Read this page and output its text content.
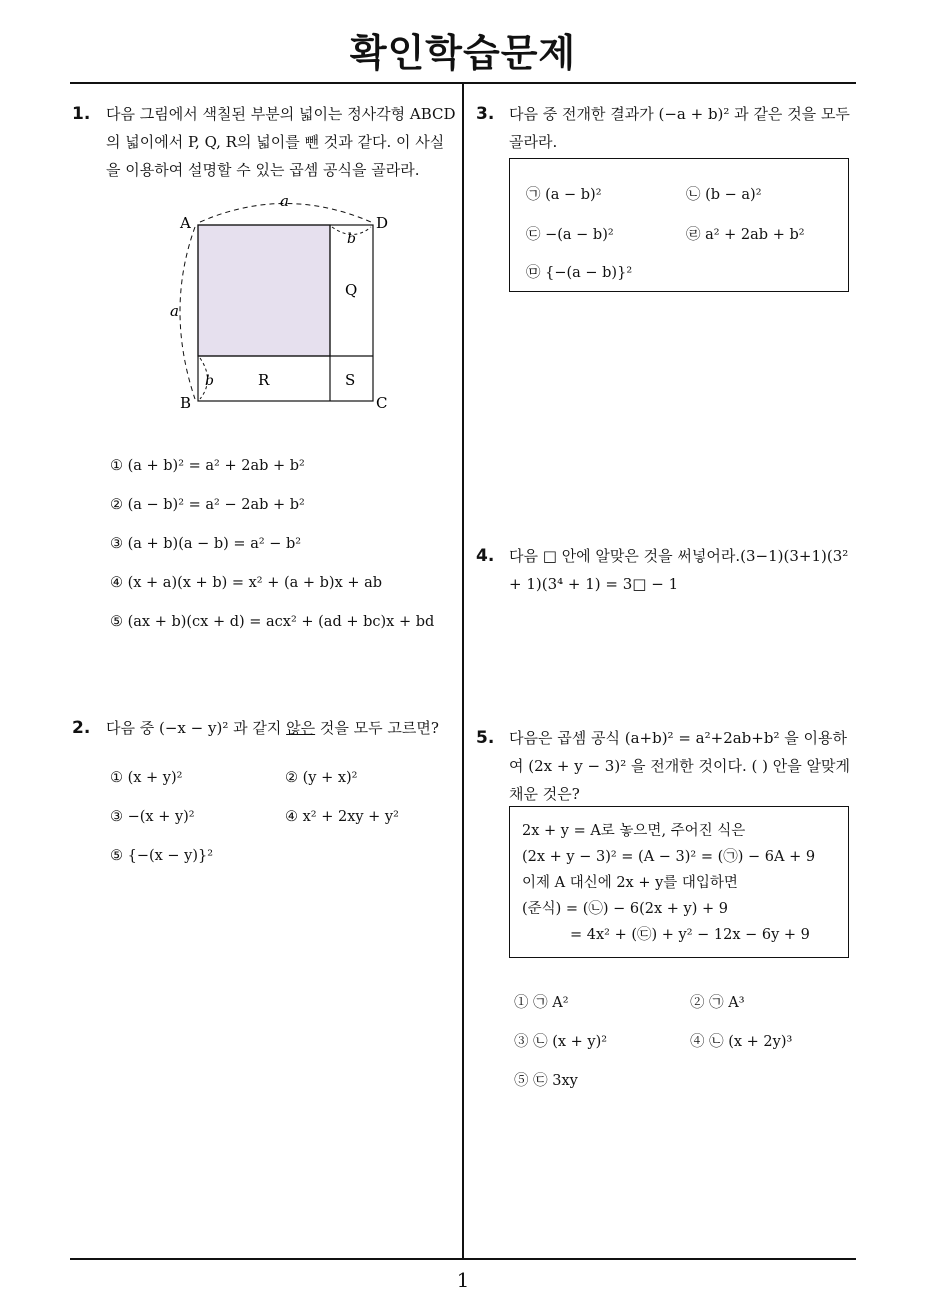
확인학습문제
1
1. 다음 그림에서 색칠된 부분의 넓이는 정사각형 ABCD의 넓이에서 P, Q, R의 넓이를 뺀 것과 같다. 이 사실을 이용하여 설명할 수 있는 곱셈 공식을 골라라.
A	D
B	C
Q
R	S
a
a
b
b
① (a + b)² = a² + 2ab + b²
② (a − b)² = a² − 2ab + b²
③ (a + b)(a − b) = a² − b²
④ (x + a)(x + b) = x² + (a + b)x + ab
⑤ (ax + b)(cx + d) = acx² + (ad + bc)x + bd
2. 다음 중 (−x − y)² 과 같지 않은 것을 모두 고르면?
① (x + y)²	② (y + x)²
③ −(x + y)²	④ x² + 2xy + y²
⑤ {−(x − y)}²
3. 다음 중 전개한 결과가 (−a + b)² 과 같은 것을 모두 골라라.
㉠ (a − b)²	㉡ (b − a)²
㉢ −(a − b)²	㉣ a² + 2ab + b²
㉤ {−(a − b)}²
4. 다음 □ 안에 알맞은 것을 써넣어라.(3−1)(3+1)(3² + 1)(3⁴ + 1) = 3□ − 1
5. 다음은 곱셈 공식 (a+b)² = a²+2ab+b² 을 이용하여 (2x + y − 3)² 을 전개한 것이다. ( ) 안을 알맞게 채운 것은?
2x + y = A로 놓으면, 주어진 식은
(2x + y − 3)² = (A − 3)² = (㉠) − 6A + 9
이제 A 대신에 2x + y를 대입하면
(준식) = (㉡) − 6(2x + y) + 9
= 4x² + (㉢) + y² − 12x − 6y + 9
① ㉠ A²	② ㉠ A³
③ ㉡ (x + y)²	④ ㉡ (x + 2y)³
⑤ ㉢ 3xy
